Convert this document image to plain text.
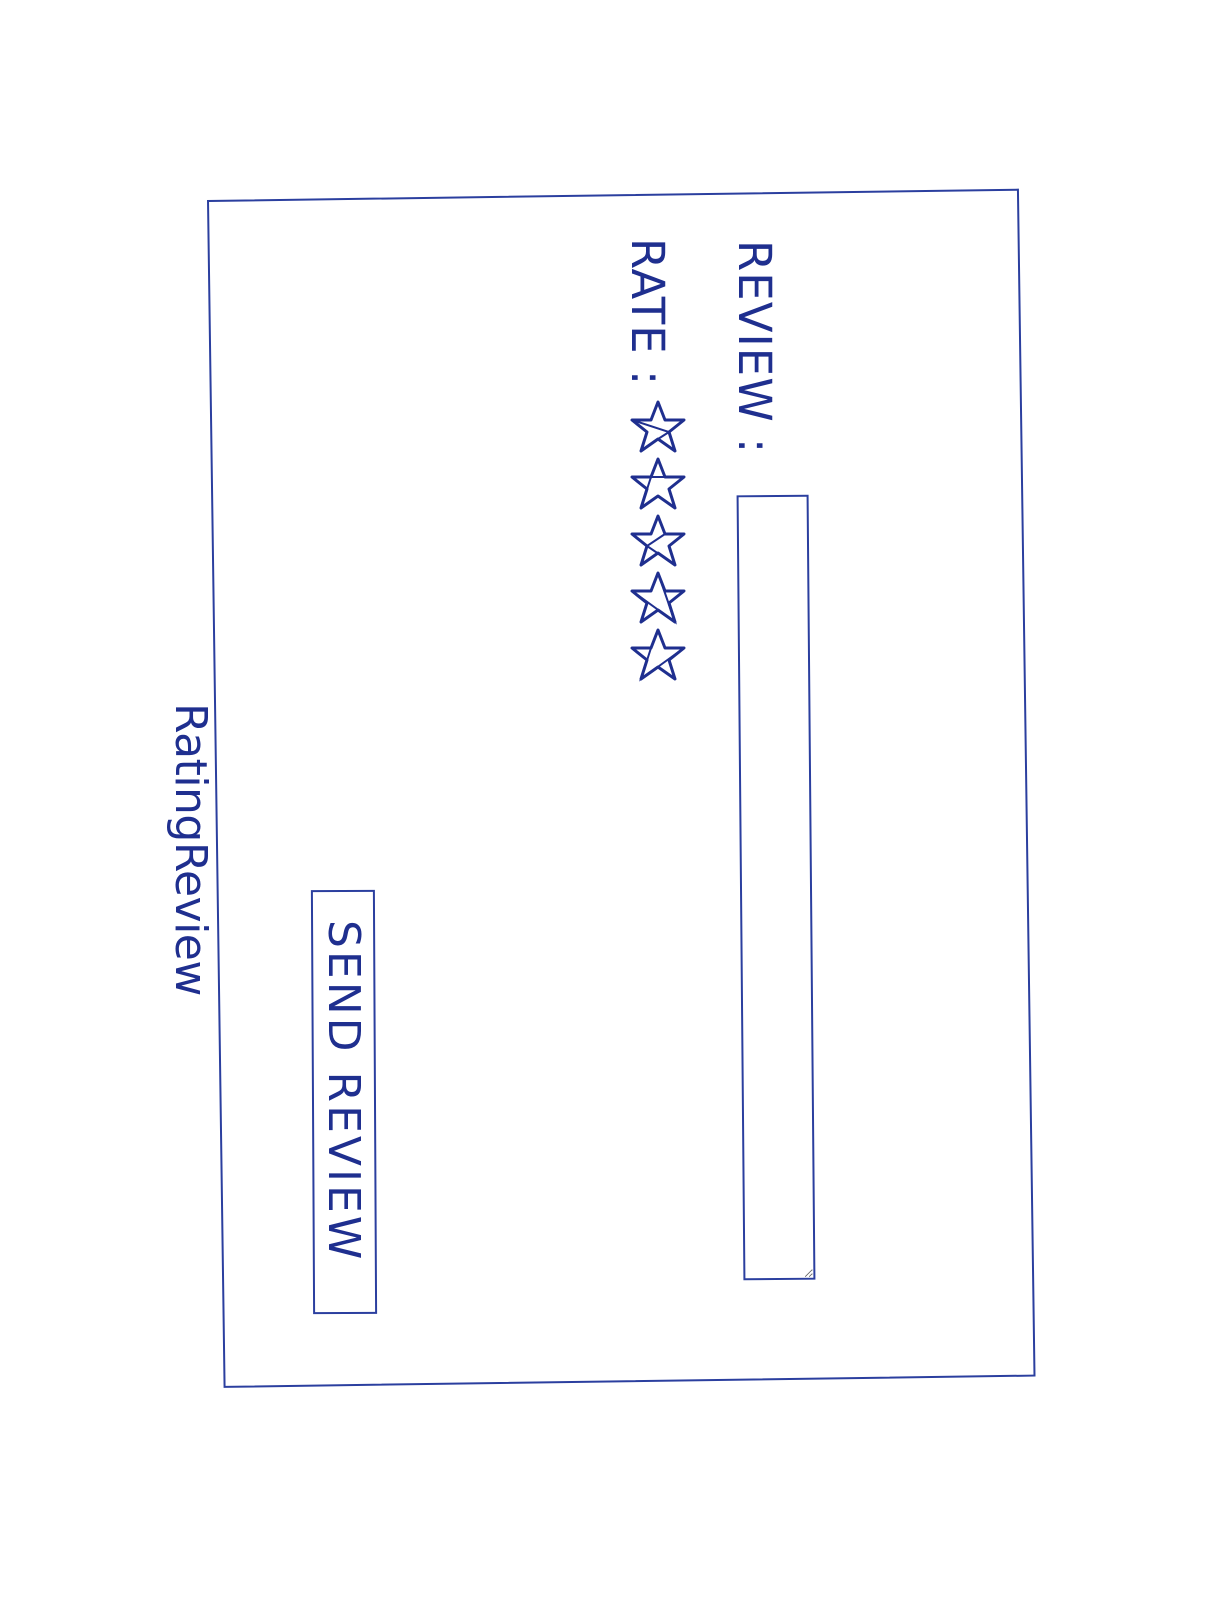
RatingReview
REVIEW :
RATE :
SEND REVIEW
